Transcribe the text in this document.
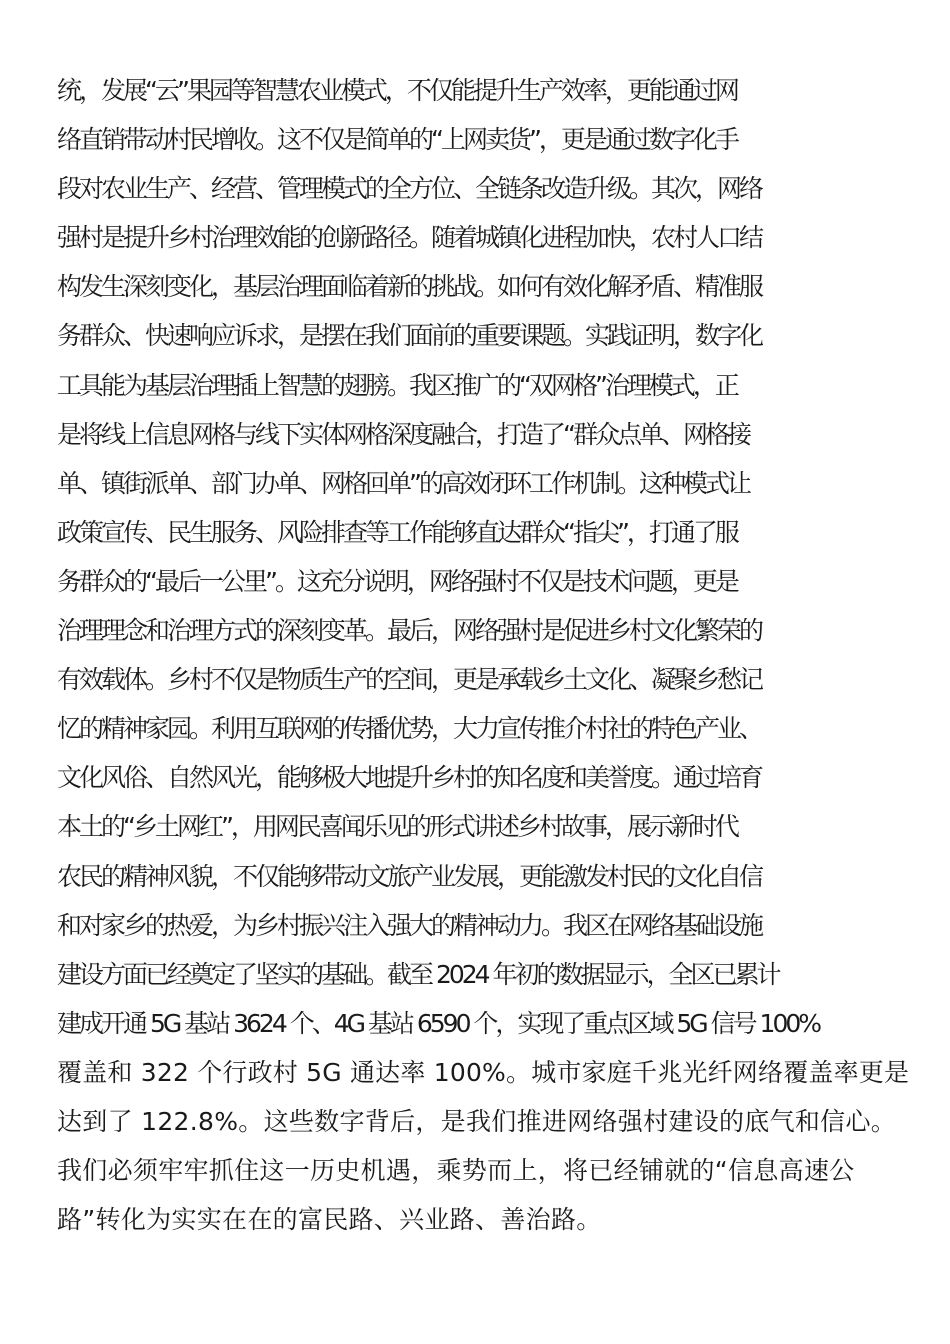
统，发展“云”果园等智慧农业模式，不仅能提升生产效率，更能通过网
络直销带动村民增收。这不仅是简单的“上网卖货”，更是通过数字化手
段对农业生产、经营、管理模式的全方位、全链条改造升级。其次，网络
强村是提升乡村治理效能的创新路径。随着城镇化进程加快，农村人口结
构发生深刻变化，基层治理面临着新的挑战。如何有效化解矛盾、精准服
务群众、快速响应诉求，是摆在我们面前的重要课题。实践证明，数字化
工具能为基层治理插上智慧的翅膀。我区推广的“双网格”治理模式，正
是将线上信息网格与线下实体网格深度融合，打造了“群众点单、网格接
单、镇街派单、部门办单、网格回单”的高效闭环工作机制。这种模式让
政策宣传、民生服务、风险排查等工作能够直达群众“指尖”，打通了服
务群众的“最后一公里”。这充分说明，网络强村不仅是技术问题，更是
治理理念和治理方式的深刻变革。最后，网络强村是促进乡村文化繁荣的
有效载体。乡村不仅是物质生产的空间，更是承载乡土文化、凝聚乡愁记
忆的精神家园。利用互联网的传播优势，大力宣传推介村社的特色产业、
文化风俗、自然风光，能够极大地提升乡村的知名度和美誉度。通过培育
本土的“乡土网红”，用网民喜闻乐见的形式讲述乡村故事，展示新时代
农民的精神风貌，不仅能够带动文旅产业发展，更能激发村民的文化自信
和对家乡的热爱，为乡村振兴注入强大的精神动力。我区在网络基础设施
建设方面已经奠定了坚实的基础。截至 2024 年初的数据显示，全区已累计
建成开通 5G 基站 3624 个、4G 基站 6590 个，实现了重点区域 5G 信号 100%
覆盖和 322 个行政村 5G 通达率 100%。城市家庭千兆光纤网络覆盖率更是
达到了 122.8%。这些数字背后，是我们推进网络强村建设的底气和信心。
我们必须牢牢抓住这一历史机遇，乘势而上，将已经铺就的“信息高速公
路”转化为实实在在的富民路、兴业路、善治路。
